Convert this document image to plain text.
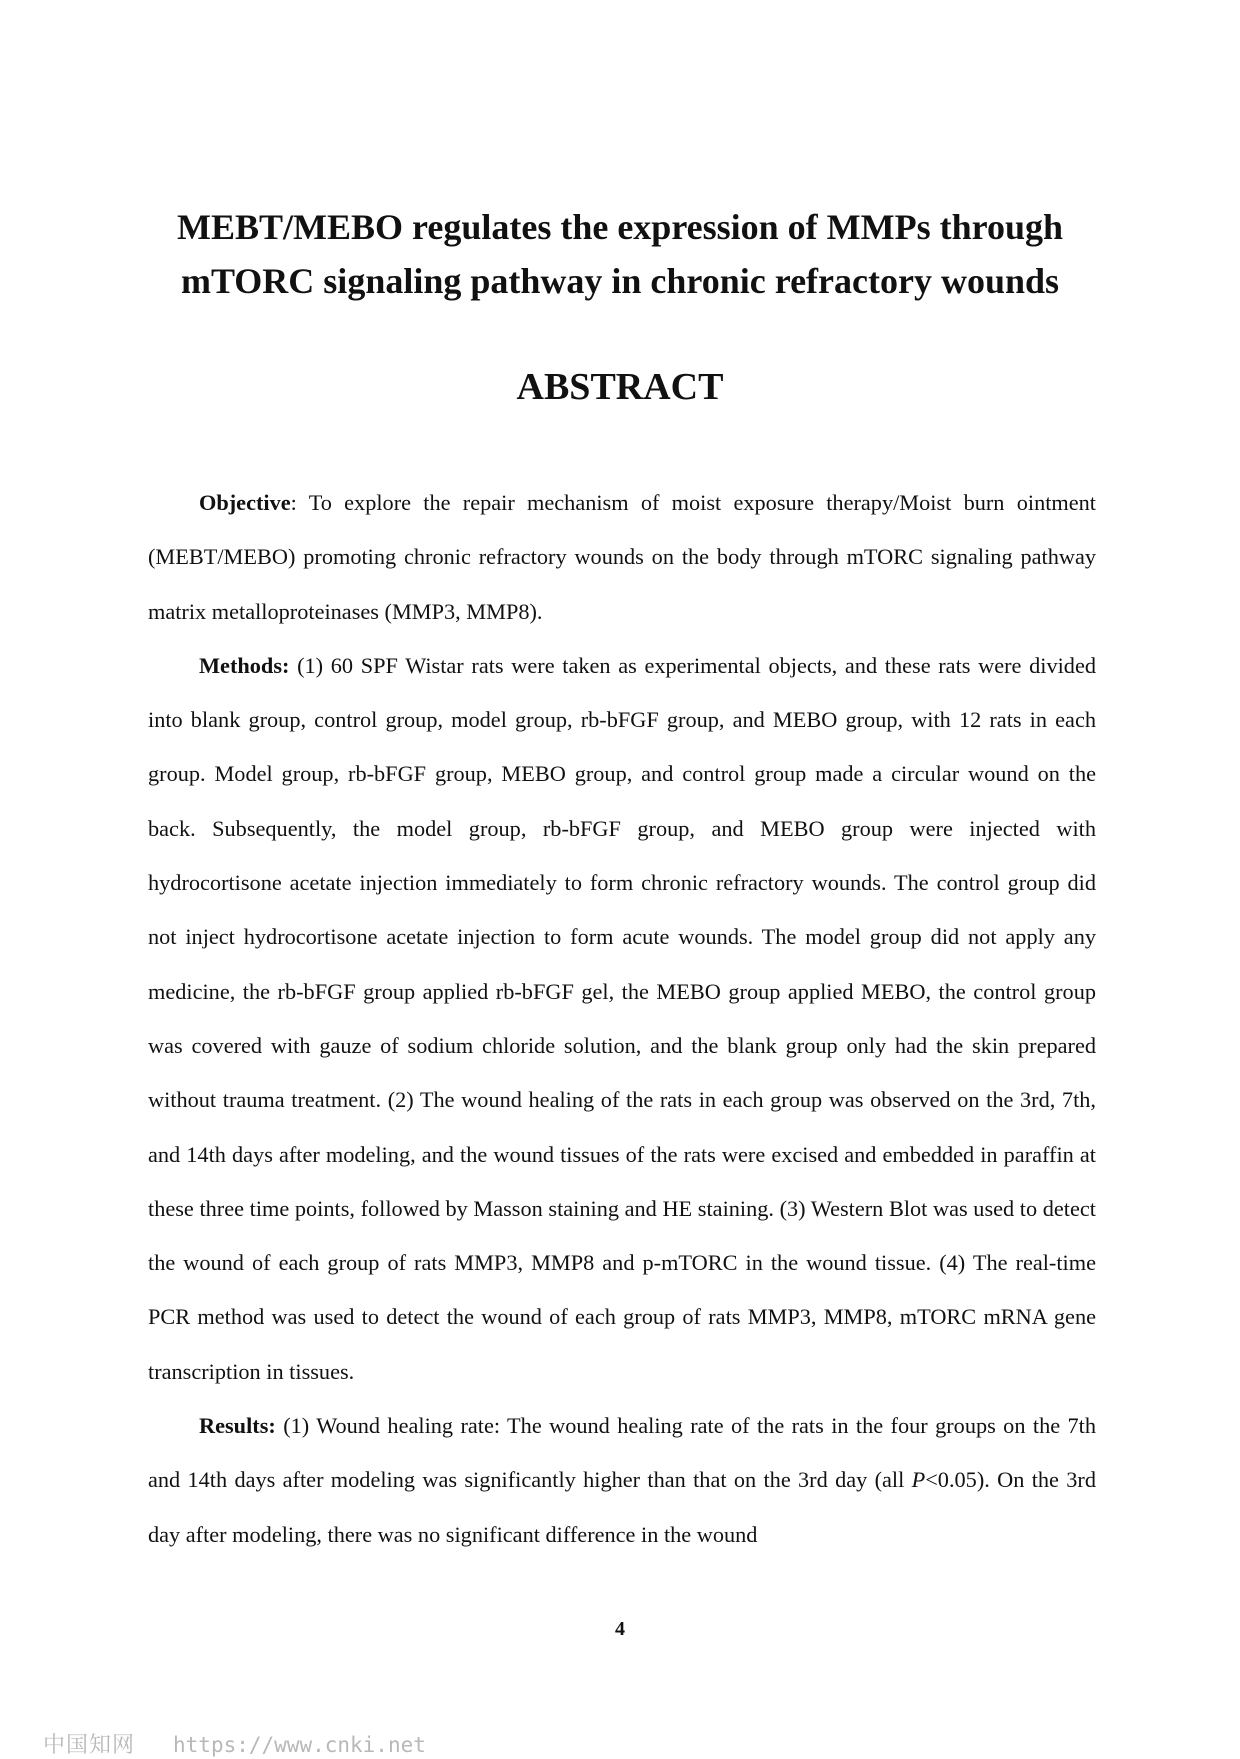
MEBT/MEBO regulates the expression of MMPs through
mTORC signaling pathway in chronic refractory wounds
ABSTRACT

Objective: To explore the repair mechanism of moist exposure therapy/Moist burn ointment (MEBT/MEBO) promoting chronic refractory wounds on the body through mTORC signaling pathway matrix metalloproteinases (MMP3, MMP8).

Methods: (1) 60 SPF Wistar rats were taken as experimental objects, and these rats were divided into blank group, control group, model group, rb-bFGF group, and MEBO group, with 12 rats in each group. Model group, rb-bFGF group, MEBO group, and control group made a circular wound on the back. Subsequently, the model group, rb-bFGF group, and MEBO group were injected with hydrocortisone acetate injection immediately to form chronic refractory wounds. The control group did not inject hydrocortisone acetate injection to form acute wounds. The model group did not apply any medicine, the rb-bFGF group applied rb-bFGF gel, the MEBO group applied MEBO, the control group was covered with gauze of sodium chloride solution, and the blank group only had the skin prepared without trauma treatment. (2) The wound healing of the rats in each group was observed on the 3rd, 7th, and 14th days after modeling, and the wound tissues of the rats were excised and embedded in paraffin at these three time points, followed by Masson staining and HE staining. (3) Western Blot was used to detect the wound of each group of rats MMP3, MMP8 and p-mTORC in the wound tissue. (4) The real-time PCR method was used to detect the wound of each group of rats MMP3, MMP8, mTORC mRNA gene transcription in tissues.

Results: (1) Wound healing rate: The wound healing rate of the rats in the four groups on the 7th and 14th days after modeling was significantly higher than that on the 3rd day (all P<0.05). On the 3rd day after modeling, there was no significant difference in the wound

4
中国知网 https://www.cnki.net
